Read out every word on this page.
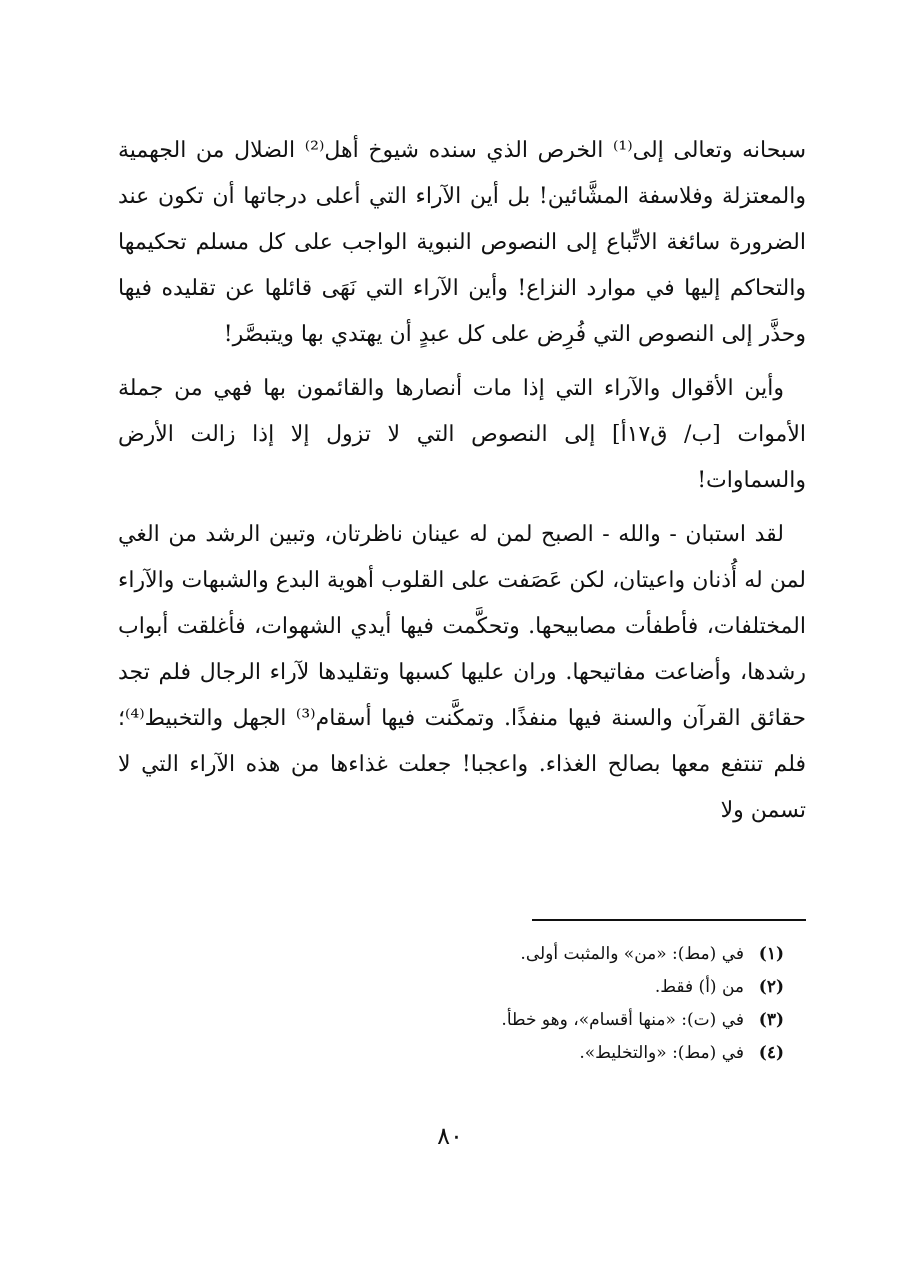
سبحانه وتعالى إلى⁽¹⁾ الخرص الذي سنده شيوخ أهل⁽²⁾ الضلال من الجهمية والمعتزلة وفلاسفة المشَّائين! بل أين الآراء التي أعلى درجاتها أن تكون عند الضرورة سائغة الاتِّباع إلى النصوص النبوية الواجب على كل مسلم تحكيمها والتحاكم إليها في موارد النزاع! وأين الآراء التي نَهَى قائلها عن تقليده فيها وحذَّر إلى النصوص التي فُرِض على كل عبدٍ أن يهتدي بها ويتبصَّر!

وأين الأقوال والآراء التي إذا مات أنصارها والقائمون بها فهي من جملة الأموات [ب/ ق١٧أ] إلى النصوص التي لا تزول إلا إذا زالت الأرض والسماوات!

لقد استبان - والله - الصبح لمن له عينان ناظرتان، وتبين الرشد من الغي لمن له أُذنان واعيتان، لكن عَصَفت على القلوب أهوية البدع والشبهات والآراء المختلفات، فأطفأت مصابيحها. وتحكَّمت فيها أيدي الشهوات، فأغلقت أبواب رشدها، وأضاعت مفاتيحها. وران عليها كسبها وتقليدها لآراء الرجال فلم تجد حقائق القرآن والسنة فيها منفذًا. وتمكَّنت فيها أسقام⁽³⁾ الجهل والتخبيط⁽⁴⁾؛ فلم تنتفع معها بصالح الغذاء. واعجبا! جعلت غذاءها من هذه الآراء التي لا تسمن ولا

(١)
في (مط): «من» والمثبت أولى.
(٢)
من (أ) فقط.
(٣)
في (ت): «منها أقسام»، وهو خطأ.
(٤)
في (مط): «والتخليط».
٨٠
